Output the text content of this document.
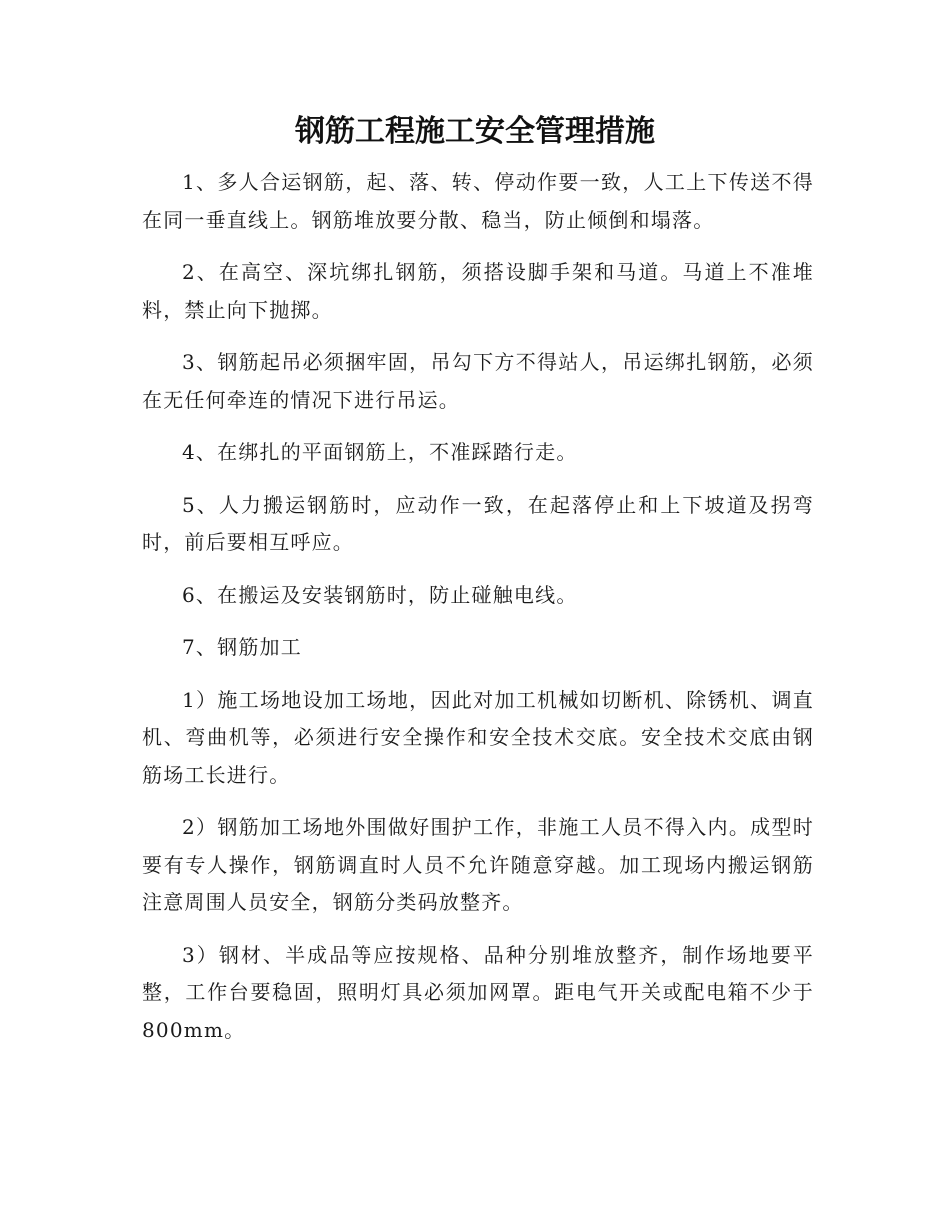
钢筋工程施工安全管理措施

1、多人合运钢筋，起、落、转、停动作要一致，人工上下传送不得在同一垂直线上。钢筋堆放要分散、稳当，防止倾倒和塌落。

2、在高空、深坑绑扎钢筋，须搭设脚手架和马道。马道上不准堆料，禁止向下抛掷。

3、钢筋起吊必须捆牢固，吊勾下方不得站人，吊运绑扎钢筋，必须在无任何牵连的情况下进行吊运。

4、在绑扎的平面钢筋上，不准踩踏行走。

5、人力搬运钢筋时，应动作一致，在起落停止和上下坡道及拐弯时，前后要相互呼应。

6、在搬运及安装钢筋时，防止碰触电线。

7、钢筋加工

1）施工场地设加工场地，因此对加工机械如切断机、除锈机、调直机、弯曲机等，必须进行安全操作和安全技术交底。安全技术交底由钢筋场工长进行。

2）钢筋加工场地外围做好围护工作，非施工人员不得入内。成型时要有专人操作，钢筋调直时人员不允许随意穿越。加工现场内搬运钢筋注意周围人员安全，钢筋分类码放整齐。

3）钢材、半成品等应按规格、品种分别堆放整齐，制作场地要平整，工作台要稳固，照明灯具必须加网罩。距电气开关或配电箱不少于800mm。
